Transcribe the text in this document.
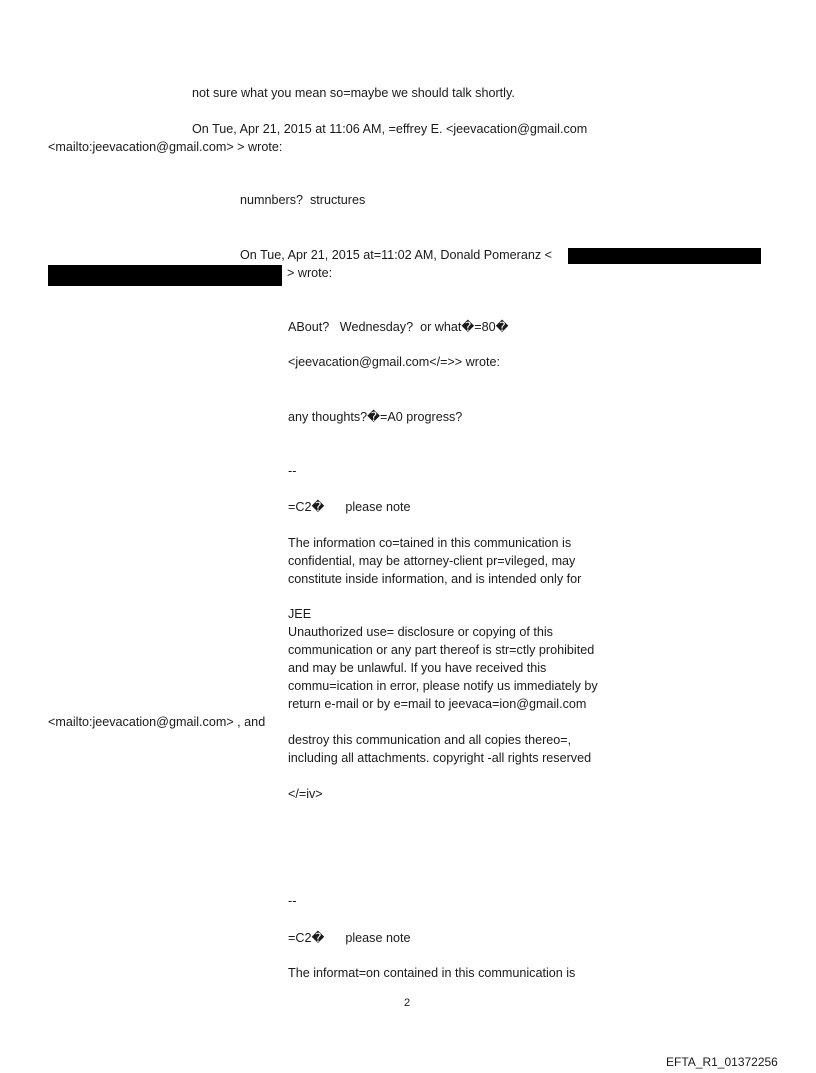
not sure what you mean so=maybe we should talk shortly.
On Tue, Apr 21, 2015 at 11:06 AM, =effrey E. <jeevacation@gmail.com
<mailto:jeevacation@gmail.com> > wrote:
numnbers?  structures
On Tue, Apr 21, 2015 at=11:02 AM, Donald Pomeranz <
> wrote:
ABout?   Wednesday?  or what�=80�
<jeevacation@gmail.com</=>> wrote:
any thoughts?�=A0 progress?
--
=C2�      please note
The information co=tained in this communication is
confidential, may be attorney-client pr=vileged, may
constitute inside information, and is intended only for
JEE
Unauthorized use= disclosure or copying of this
communication or any part thereof is str=ctly prohibited
and may be unlawful. If you have received this
commu=ication in error, please notify us immediately by
return e-mail or by e=mail to jeevaca=ion@gmail.com
<mailto:jeevacation@gmail.com> , and
destroy this communication and all copies thereo=,
including all attachments. copyright -all rights reserved
</=iv>
--
=C2�      please note
The informat=on contained in this communication is
2
EFTA_R1_01372256
